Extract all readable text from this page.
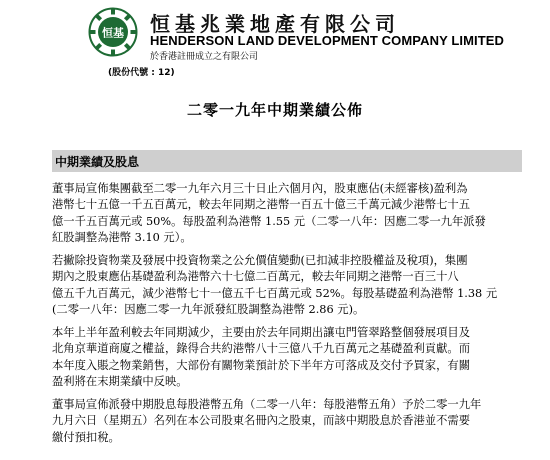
恒基 恒基兆業地產有限公司
HENDERSON LAND DEVELOPMENT COMPANY LIMITED
於香港註冊成立之有限公司
(股份代號 : 12)
二零一九年中期業績公佈
中期業績及股息
董事局宣佈集團截至二零一九年六月三十日止六個月內，股東應佔(未經審核)盈利為
港幣七十五億一千五百萬元，較去年同期之港幣一百五十億三千萬元減少港幣七十五
億一千五百萬元或 50%。每股盈利為港幣 1.55 元（二零一八年：因應二零一九年派發
紅股調整為港幣 3.10 元）。
若撇除投資物業及發展中投資物業之公允價值變動(已扣減非控股權益及稅項)，集團
期內之股東應佔基礎盈利為港幣六十七億二百萬元，較去年同期之港幣一百三十八
億五千九百萬元，減少港幣七十一億五千七百萬元或 52%。每股基礎盈利為港幣 1.38 元
(二零一八年：因應二零一九年派發紅股調整為港幣 2.86 元)。
本年上半年盈利較去年同期減少，主要由於去年同期出讓屯門管翠路整個發展項目及
北角京華道商廈之權益，錄得合共約港幣八十三億八千九百萬元之基礎盈利貢獻。而
本年度入賬之物業銷售，大部份有關物業預計於下半年方可落成及交付予買家，有關
盈利將在末期業績中反映。
董事局宣佈派發中期股息每股港幣五角（二零一八年：每股港幣五角）予於二零一九年
九月六日（星期五）名列在本公司股東名冊內之股東，而該中期股息於香港並不需要
繳付預扣稅。
